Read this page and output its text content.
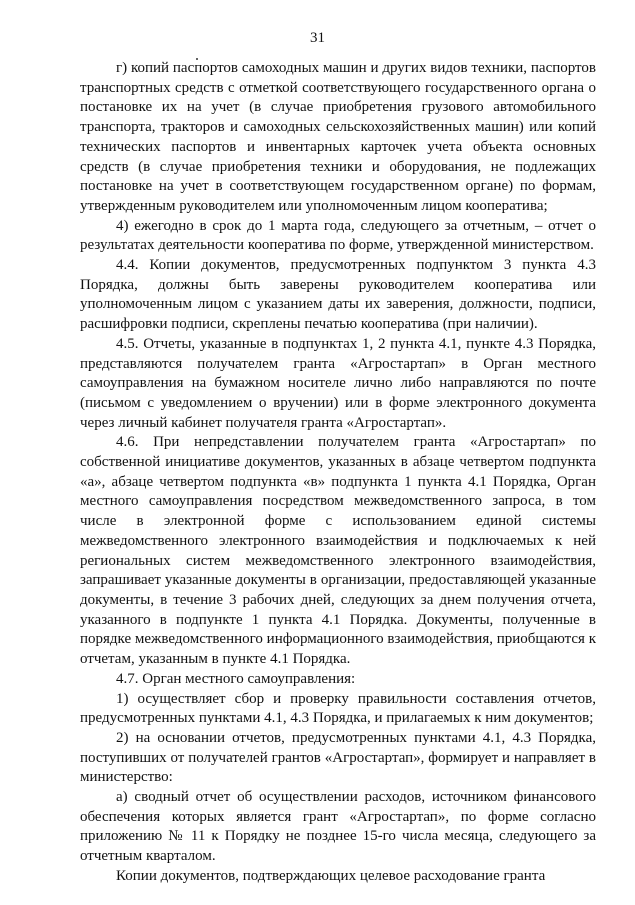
31

г) копий паспортов самоходных машин и других видов техники, паспортов транспортных средств с отметкой соответствующего государственного органа о постановке их на учет (в случае приобретения грузового автомобильного транспорта, тракторов и самоходных сельскохозяйственных машин) или копий технических паспортов и инвентарных карточек учета объекта основных средств (в случае приобретения техники и оборудования, не подлежащих постановке на учет в соответствующем государственном органе) по формам, утвержденным руководителем или уполномоченным лицом кооператива;

4) ежегодно в срок до 1 марта года, следующего за отчетным, – отчет о результатах деятельности кооператива по форме, утвержденной министерством.

4.4. Копии документов, предусмотренных подпунктом 3 пункта 4.3 Порядка, должны быть заверены руководителем кооператива или уполномоченным лицом с указанием даты их заверения, должности, подписи, расшифровки подписи, скреплены печатью кооператива (при наличии).

4.5. Отчеты, указанные в подпунктах 1, 2 пункта 4.1, пункте 4.3 Порядка, представляются получателем гранта «Агростартап» в Орган местного самоуправления на бумажном носителе лично либо направляются по почте (письмом с уведомлением о вручении) или в форме электронного документа через личный кабинет получателя гранта «Агростартап».

4.6. При непредставлении получателем гранта «Агростартап» по собственной инициативе документов, указанных в абзаце четвертом подпункта «а», абзаце четвертом подпункта «в» подпункта 1 пункта 4.1 Порядка, Орган местного самоуправления посредством межведомственного запроса, в том числе в электронной форме с использованием единой системы межведомственного электронного взаимодействия и подключаемых к ней региональных систем межведомственного электронного взаимодействия, запрашивает указанные документы в организации, предоставляющей указанные документы, в течение 3 рабочих дней, следующих за днем получения отчета, указанного в подпункте 1 пункта 4.1 Порядка. Документы, полученные в порядке межведомственного информационного взаимодействия, приобщаются к отчетам, указанным в пункте 4.1 Порядка.

4.7. Орган местного самоуправления:

1) осуществляет сбор и проверку правильности составления отчетов, предусмотренных пунктами 4.1, 4.3 Порядка, и прилагаемых к ним документов;

2) на основании отчетов, предусмотренных пунктами 4.1, 4.3 Порядка, поступивших от получателей грантов «Агростартап», формирует и направляет в министерство:

а) сводный отчет об осуществлении расходов, источником финансового обеспечения которых является грант «Агростартап», по форме согласно приложению № 11 к Порядку не позднее 15-го числа месяца, следующего за отчетным кварталом.

Копии документов, подтверждающих целевое расходование гранта
